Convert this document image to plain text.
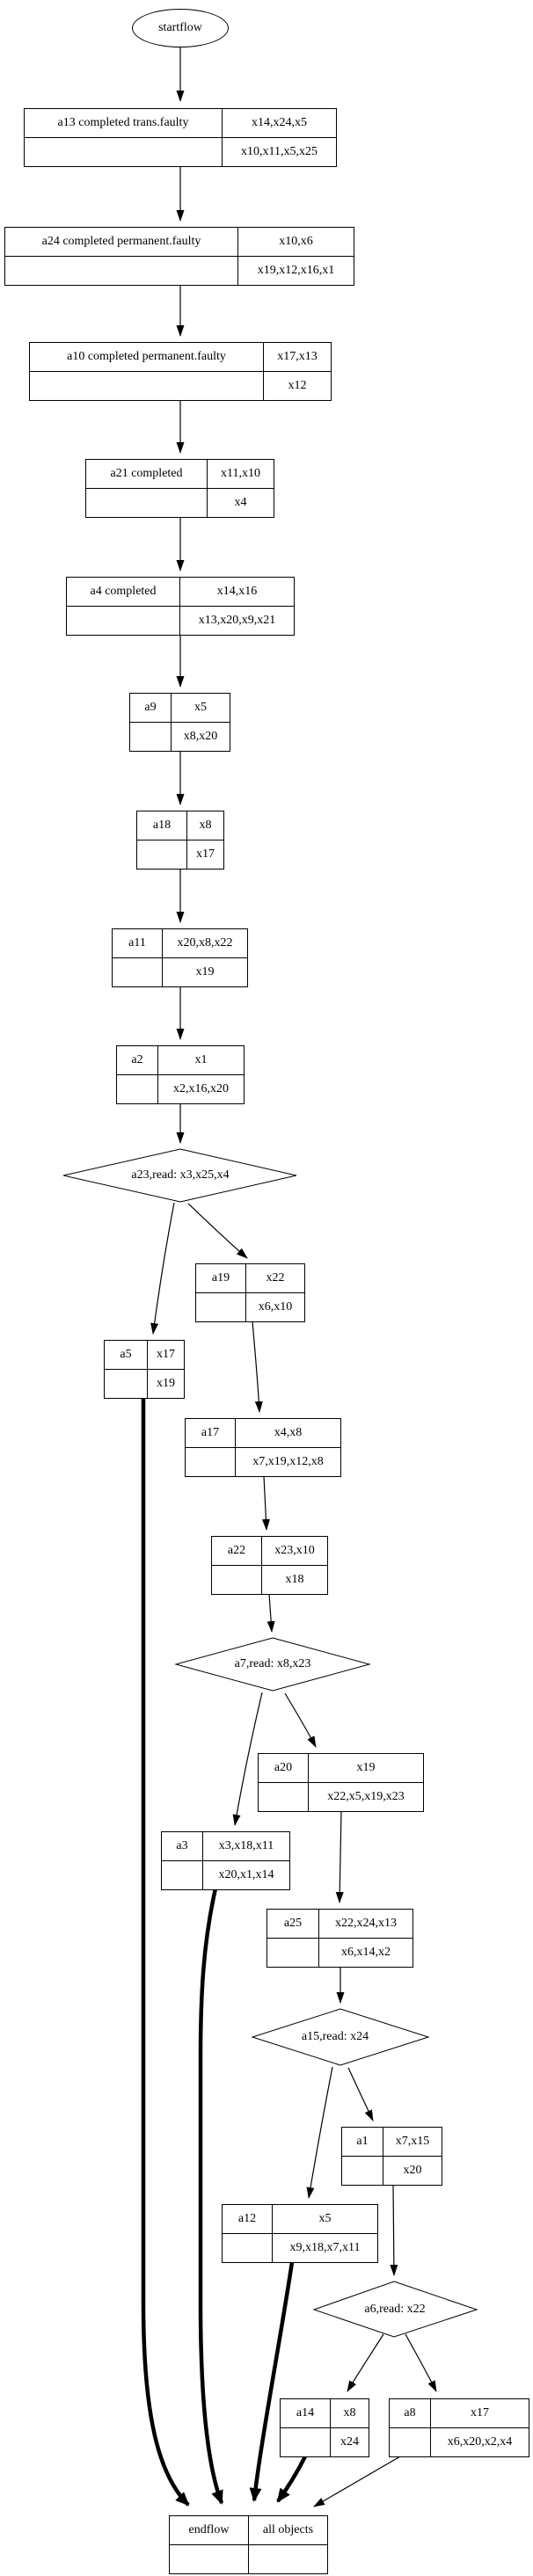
startflow
a13 completed trans.faulty	x14,x24,x5
	x10,x11,x5,x25
a24 completed permanent.faulty	x10,x6
	x19,x12,x16,x1
a10 completed permanent.faulty	x17,x13
	x12
a21 completed	x11,x10
	x4
a4 completed	x14,x16
	x13,x20,x9,x21
a9	x5
	x8,x20
a18	x8
	x17
a11	x20,x8,x22
	x19
a2	x1
	x2,x16,x20
a23,read: x3,x25,x4
a19	x22
	x6,x10
a5	x17
	x19
a17	x4,x8
	x7,x19,x12,x8
a22	x23,x10
	x18
a7,read: x8,x23
a20	x19
	x22,x5,x19,x23
a3	x3,x18,x11
	x20,x1,x14
a25	x22,x24,x13
	x6,x14,x2
a15,read: x24
a1	x7,x15
	x20
a12	x5
	x9,x18,x7,x11
a6,read: x22
a14	x8
	x24
a8	x17
	x6,x20,x2,x4
endflow	all objects
